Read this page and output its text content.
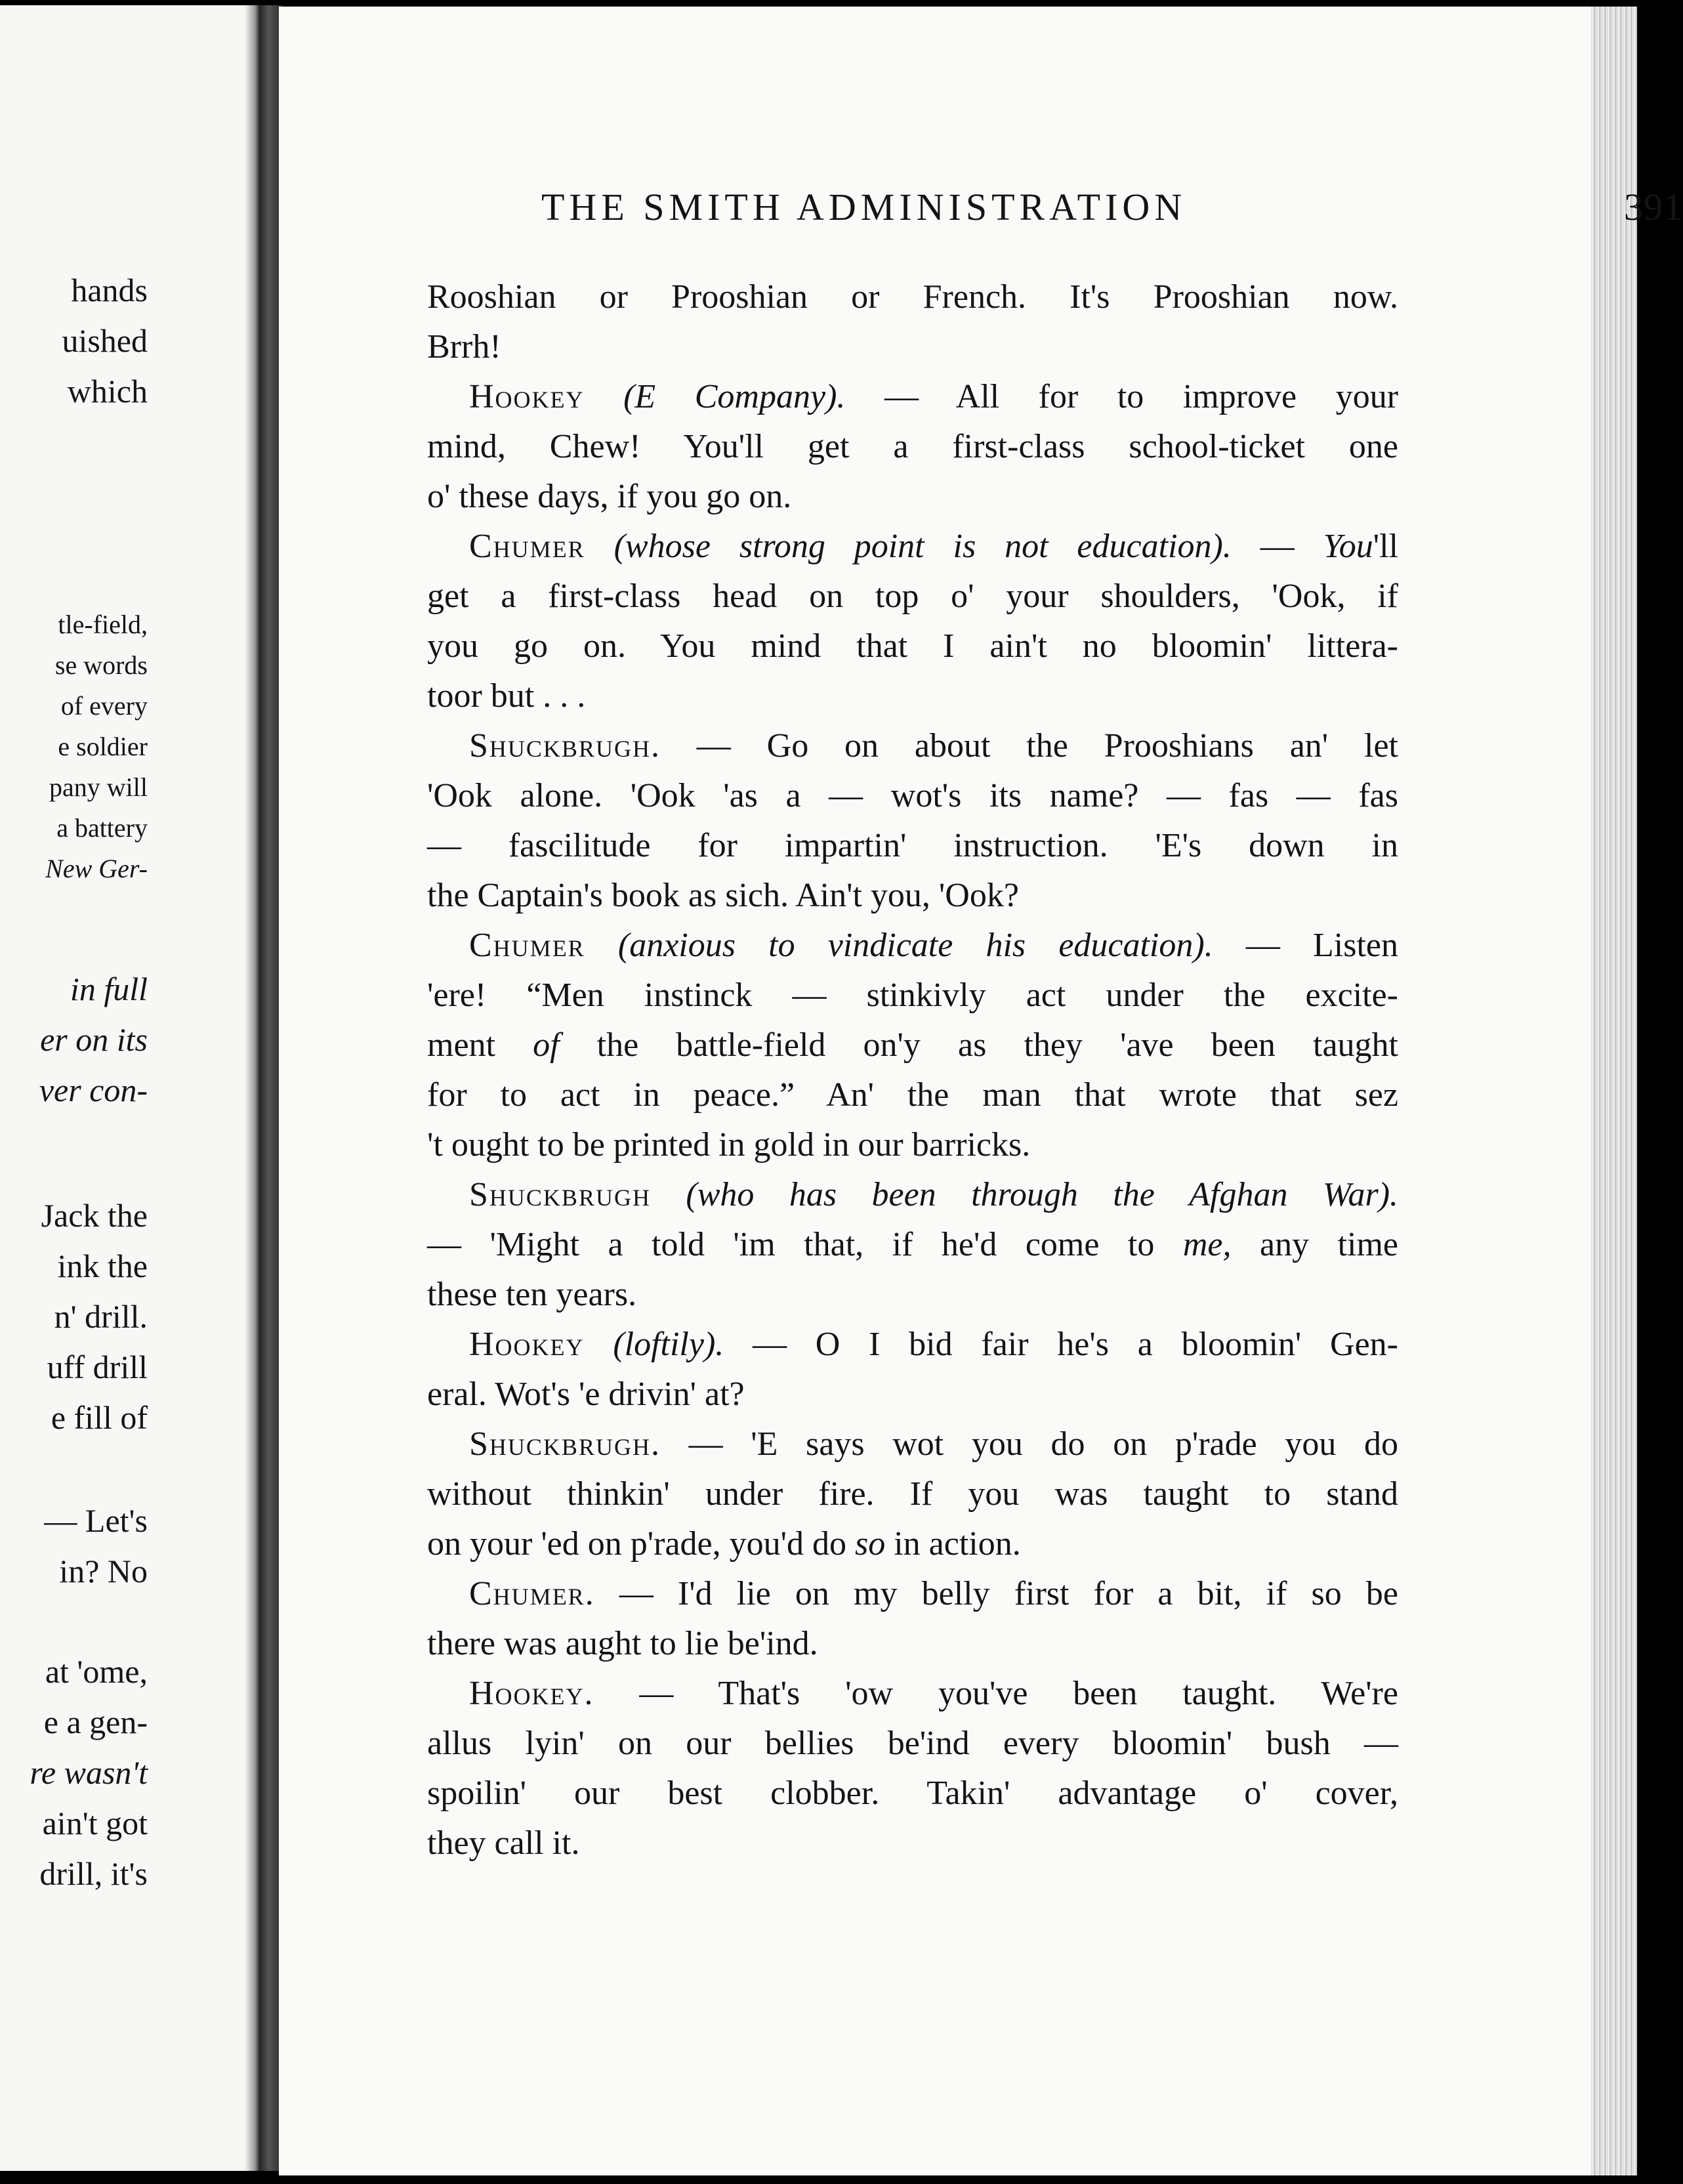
hands
uished
which
tle-field,
se words
of every
e soldier
pany will
a battery
New Ger-
in full
er on its
ver con-
Jack the
ink the
n' drill.
uff drill
e fill of
— Let's
in? No
at 'ome,
e a gen-
re wasn't
ain't got
drill, it's
THE SMITH ADMINISTRATION	391
Rooshian or Prooshian or French. It's Prooshian now.
Brrh!
Hookey (E Company). — All for to improve your
mind, Chew! You'll get a first-class school-ticket one
o' these days, if you go on.
Chumer (whose strong point is not education). — You'll
get a first-class head on top o' your shoulders, 'Ook, if
you go on. You mind that I ain't no bloomin' littera-
toor but . . .
Shuckbrugh. — Go on about the Prooshians an' let
'Ook alone. 'Ook 'as a — wot's its name? — fas — fas
— fascilitude for impartin' instruction. 'E's down in
the Captain's book as sich. Ain't you, 'Ook?
Chumer (anxious to vindicate his education). — Listen
'ere! “Men instinck — stinkivly act under the excite-
ment of the battle-field on'y as they 'ave been taught
for to act in peace.” An' the man that wrote that sez
't ought to be printed in gold in our barricks.
Shuckbrugh (who has been through the Afghan War).
— 'Might a told 'im that, if he'd come to me, any time
these ten years.
Hookey (loftily). — O I bid fair he's a bloomin' Gen-
eral. Wot's 'e drivin' at?
Shuckbrugh. — 'E says wot you do on p'rade you do
without thinkin' under fire. If you was taught to stand
on your 'ed on p'rade, you'd do so in action.
Chumer. — I'd lie on my belly first for a bit, if so be
there was aught to lie be'ind.
Hookey. — That's 'ow you've been taught. We're
allus lyin' on our bellies be'ind every bloomin' bush —
spoilin' our best clobber. Takin' advantage o' cover,
they call it.
